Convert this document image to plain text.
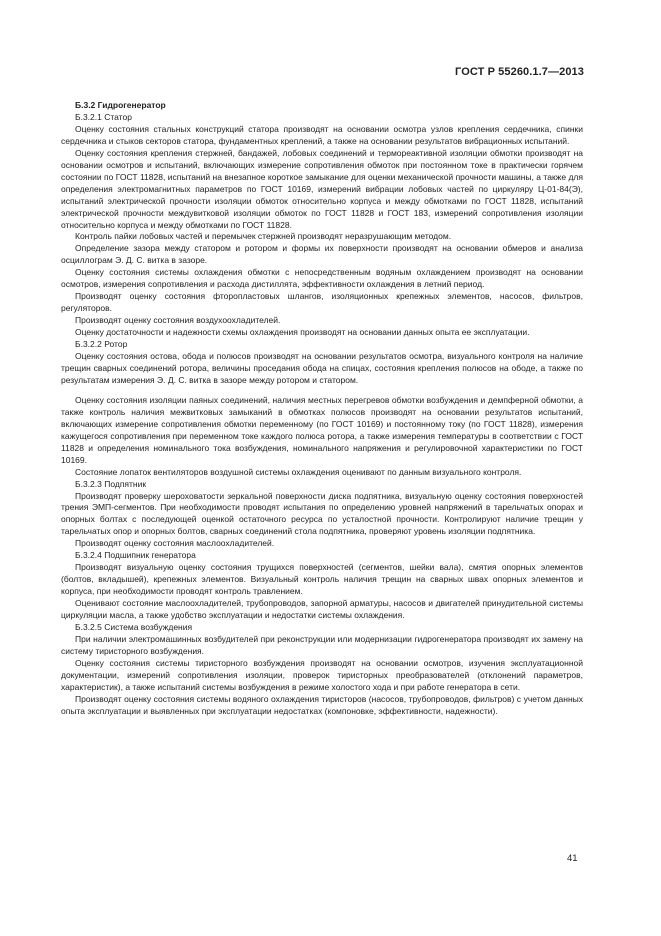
ГОСТ Р 55260.1.7—2013

Б.3.2 Гидрогенератор

Б.3.2.1 Статор

Оценку состояния стальных конструкций статора производят на основании осмотра узлов крепления сердечника, спинки сердечника и стыков секторов статора, фундаментных креплений, а также на основании результатов вибрационных испытаний.

Оценку состояния крепления стержней, бандажей, лобовых соединений и термореактивной изоляции обмотки производят на основании осмотров и испытаний, включающих измерение сопротивления обмоток при постоянном токе в практически горячем состоянии по ГОСТ 11828, испытаний на внезапное короткое замыкание для оценки механической прочности машины, а также для определения электромагнитных параметров по ГОСТ 10169, измерений вибрации лобовых частей по циркуляру Ц-01-84(Э), испытаний электрической прочности изоляции обмоток относительно корпуса и между обмотками по ГОСТ 11828, испытаний электрической прочности междувитковой изоляции обмоток по ГОСТ 11828 и ГОСТ 183, измерений сопротивления изоляции относительно корпуса и между обмотками по ГОСТ 11828.

Контроль пайки лобовых частей и перемычек стержней производят неразрушающим методом.

Определение зазора между статором и ротором и формы их поверхности производят на основании обмеров и анализа осциллограм Э. Д. С. витка в зазоре.

Оценку состояния системы охлаждения обмотки с непосредственным водяным охлаждением производят на основании осмотров, измерения сопротивления и расхода дистиллята, эффективности охлаждения в летний период.

Производят оценку состояния фторопластовых шлангов, изоляционных крепежных элементов, насосов, фильтров, регуляторов.

Производят оценку состояния воздухоохладителей.

Оценку достаточности и надежности схемы охлаждения производят на основании данных опыта ее эксплуатации.

Б.3.2.2 Ротор

Оценку состояния остова, обода и полюсов производят на основании результатов осмотра, визуального контроля на наличие трещин сварных соединений ротора, величины проседания обода на спицах, состояния крепления полюсов на ободе, а также по результатам измерения Э. Д. С. витка в зазоре между ротором и статором.

Оценку состояния изоляции паяных соединений, наличия местных перегревов обмотки возбуждения и демпферной обмотки, а также контроль наличия межвитковых замыканий в обмотках полюсов производят на основании результатов испытаний, включающих измерение сопротивления обмотки переменному (по ГОСТ 10169) и постоянному току (по ГОСТ 11828), измерения кажущегося сопротивления при переменном токе каждого полюса ротора, а также измерения температуры в соответствии с ГОСТ 11828 и определения номинального тока возбуждения, номинального напряжения и регулировочной характеристики по ГОСТ 10169.

Состояние лопаток вентиляторов воздушной системы охлаждения оценивают по данным визуального контроля.

Б.3.2.3 Подпятник

Производят проверку шероховатости зеркальной поверхности диска подпятника, визуальную оценку состояния поверхностей трения ЭМП-сегментов. При необходимости проводят испытания по определению уровней напряжений в тарельчатых опорах и опорных болтах с последующей оценкой остаточного ресурса по усталостной прочности. Контролируют наличие трещин у тарельчатых опор и опорных болтов, сварных соединений стола подпятника, проверяют уровень изоляции подпятника.

Производят оценку состояния маслоохладителей.

Б.3.2.4 Подшипник генератора

Производят визуальную оценку состояния трущихся поверхностей (сегментов, шейки вала), смятия опорных элементов (болтов, вкладышей), крепежных элементов. Визуальный контроль наличия трещин на сварных швах опорных элементов и корпуса, при необходимости проводят контроль травлением.

Оценивают состояние маслоохладителей, трубопроводов, запорной арматуры, насосов и двигателей принудительной системы циркуляции масла, а также удобство эксплуатации и недостатки системы охлаждения.

Б.3.2.5 Система возбуждения

При наличии электромашинных возбудителей при реконструкции или модернизации гидрогенератора производят их замену на систему тиристорного возбуждения.

Оценку состояния системы тиристорного возбуждения производят на основании осмотров, изучения эксплуатационной документации, измерений сопротивления изоляции, проверок тиристорных преобразователей (отклонений параметров, характеристик), а также испытаний системы возбуждения в режиме холостого хода и при работе генератора в сети.

Производят оценку состояния системы водяного охлаждения тиристоров (насосов, трубопроводов, фильтров) с учетом данных опыта эксплуатации и выявленных при эксплуатации недостатках (компоновке, эффективности, надежности).

41
